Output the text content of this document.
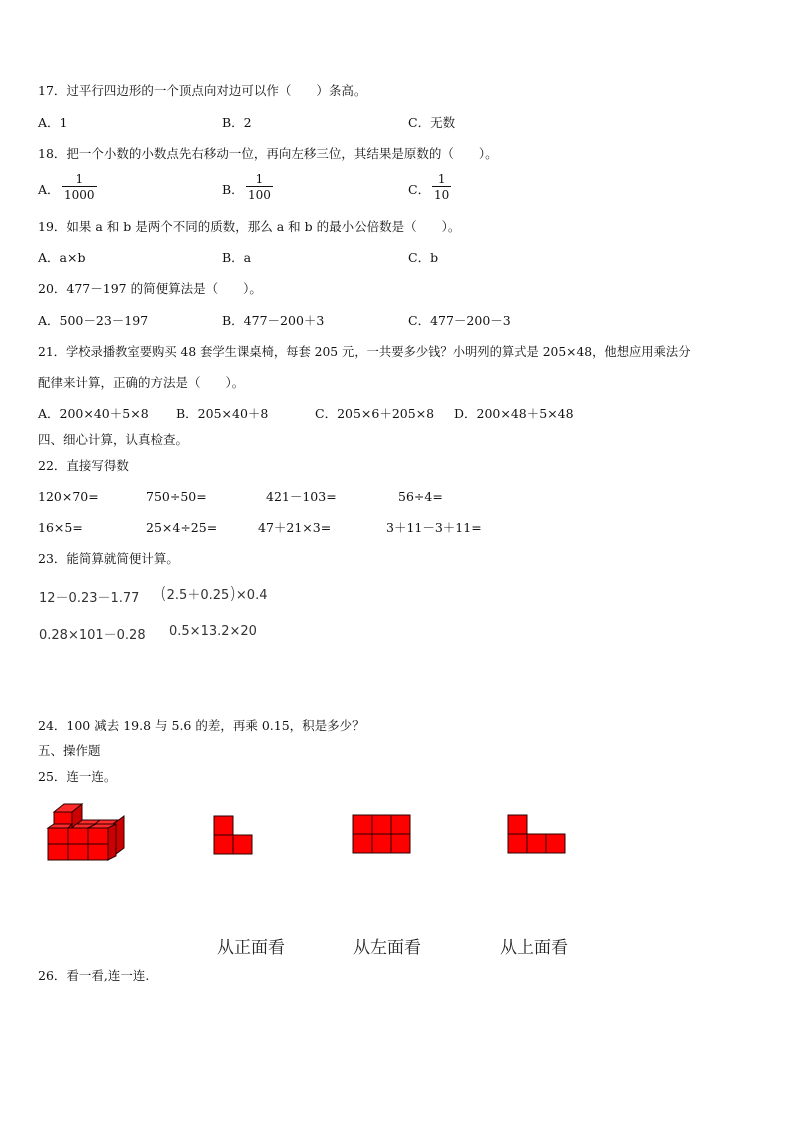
17．过平行四边形的一个顶点向对边可以作（　　）条高。
A．1	B．2	C．无数
18．把一个小数的小数点先右移动一位，再向左移三位，其结果是原数的（　　）。
A． $\frac{1}{1000}$	B． $\frac{1}{100}$	C． $\frac{1}{10}$
19．如果 a 和 b 是两个不同的质数，那么 a 和 b 的最小公倍数是（　　）。
A．a×b	B．a	C．b
20．477－197 的简便算法是（　　）。
A．500－23－197	B．477－200＋3	C．477－200－3
21．学校录播教室要购买 48 套学生课桌椅，每套 205 元，一共要多少钱？小明列的算式是 205×48，他想应用乘法分
配律来计算，正确的方法是（　　）。
A．200×40＋5×8 B．205×40＋8	C．205×6＋205×8 D．200×48＋5×48
四、细心计算，认真检查。
22．直接写得数
120×70=	750÷50=	421－103=	56÷4=
16×5=	25×4÷25=	47＋21×3=	3＋11－3＋11=
23．能简算就简便计算。
12－0.23－1.77 (2.5＋0.25)×0.4
0.28×101－0.28 0.5×13.2×20
24．100 减去 19.8 与 5.6 的差，再乘 0.15，积是多少？
五、操作题
25．连一连。
从正面看	从左面看	从上面看
26．看一看,连一连.
